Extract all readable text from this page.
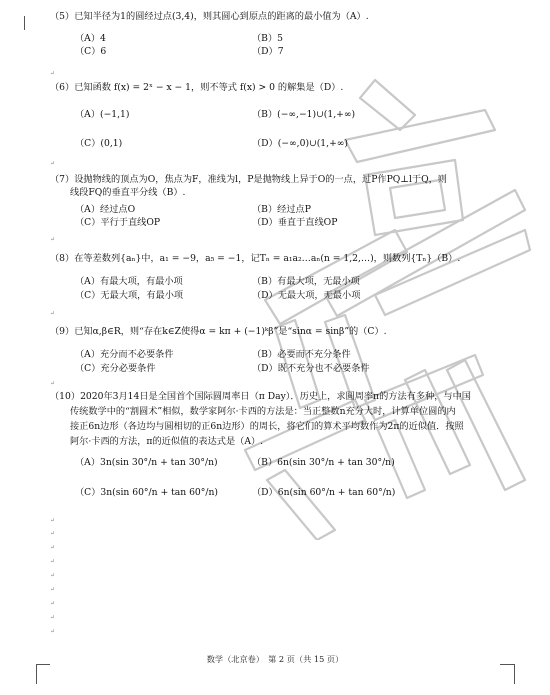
（5）已知半径为1的圆经过点(3,4)，则其圆心到原点的距离的最小值为（A）.
（A）4	（B）5
（C）6	（D）7
↵
（6）已知函数 f(x) = 2ˣ − x − 1，则不等式 f(x) > 0 的解集是（D）.
（A）(−1,1)	（B）(−∞,−1)∪(1,+∞)
（C）(0,1)	（D）(−∞,0)∪(1,+∞)
↵
（7）设抛物线的顶点为O，焦点为F，准线为l，P是抛物线上异于O的一点，过P作PQ⊥l于Q，则
线段FQ的垂直平分线（B）.
（A）经过点O	（B）经过点P
（C）平行于直线OP	（D）垂直于直线OP
↵
（8）在等差数列{aₙ}中，a₁ = −9，a₅ = −1，记Tₙ = a₁a₂…aₙ(n = 1,2,…)，则数列{Tₙ}（B）.
（A）有最大项，有最小项	（B）有最大项，无最小项
（C）无最大项，有最小项	（D）无最大项，无最小项
↵
（9）已知α,β∈R，则“存在k∈Z使得α = kπ + (−1)ᵏβ”是“sinα = sinβ”的（C）.
（A）充分而不必要条件	（B）必要而不充分条件
（C）充分必要条件	（D）既不充分也不必要条件
↵
（10）2020年3月14日是全国首个国际圆周率日（π Day）．历史上，求圆周率π的方法有多种，与中国
传统数学中的“割圆术”相似，数学家阿尔·卡西的方法是：当正整数n充分大时，计算单位圆的内
接正6n边形（各边均与圆相切的正6n边形）的周长，将它们的算术平均数作为2π的近似值．按照
阿尔·卡西的方法，π的近似值的表达式是（A）.
（A）3n(sin 30°/n + tan 30°/n)	（B）6n(sin 30°/n + tan 30°/n)
（C）3n(sin 60°/n + tan 60°/n)	（D）6n(sin 60°/n + tan 60°/n)
↵
↵
↵
↵
↵
↵
↵
↵
↵
数学（北京卷）　第 2 页（共 15 页）
